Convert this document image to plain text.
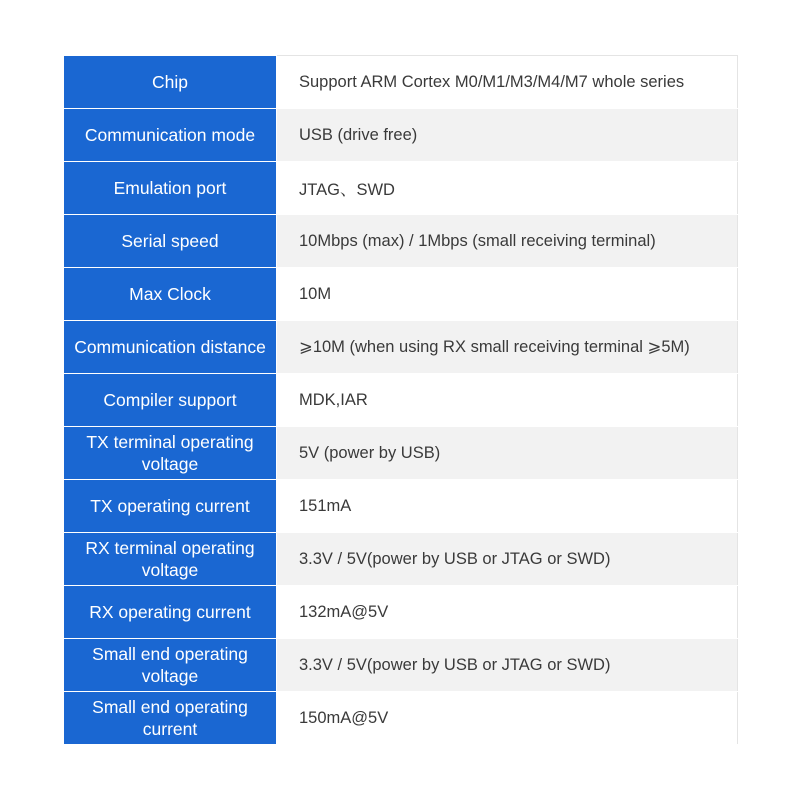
Chip	Support ARM Cortex M0/M1/M3/M4/M7 whole series
Communication mode	USB (drive free)
Emulation port	JTAG、SWD
Serial speed	10Mbps (max) / 1Mbps (small receiving terminal)
Max Clock	10M
Communication distance	⩾10M (when using RX small receiving terminal ⩾5M)
Compiler support	MDK,IAR
TX terminal operating voltage	5V (power by USB)
TX operating current	151mA
RX terminal operating voltage	3.3V / 5V(power by USB or JTAG or SWD)
RX operating current	132mA@5V
Small end operating voltage	3.3V / 5V(power by USB or JTAG or SWD)
Small end operating current	150mA@5V
